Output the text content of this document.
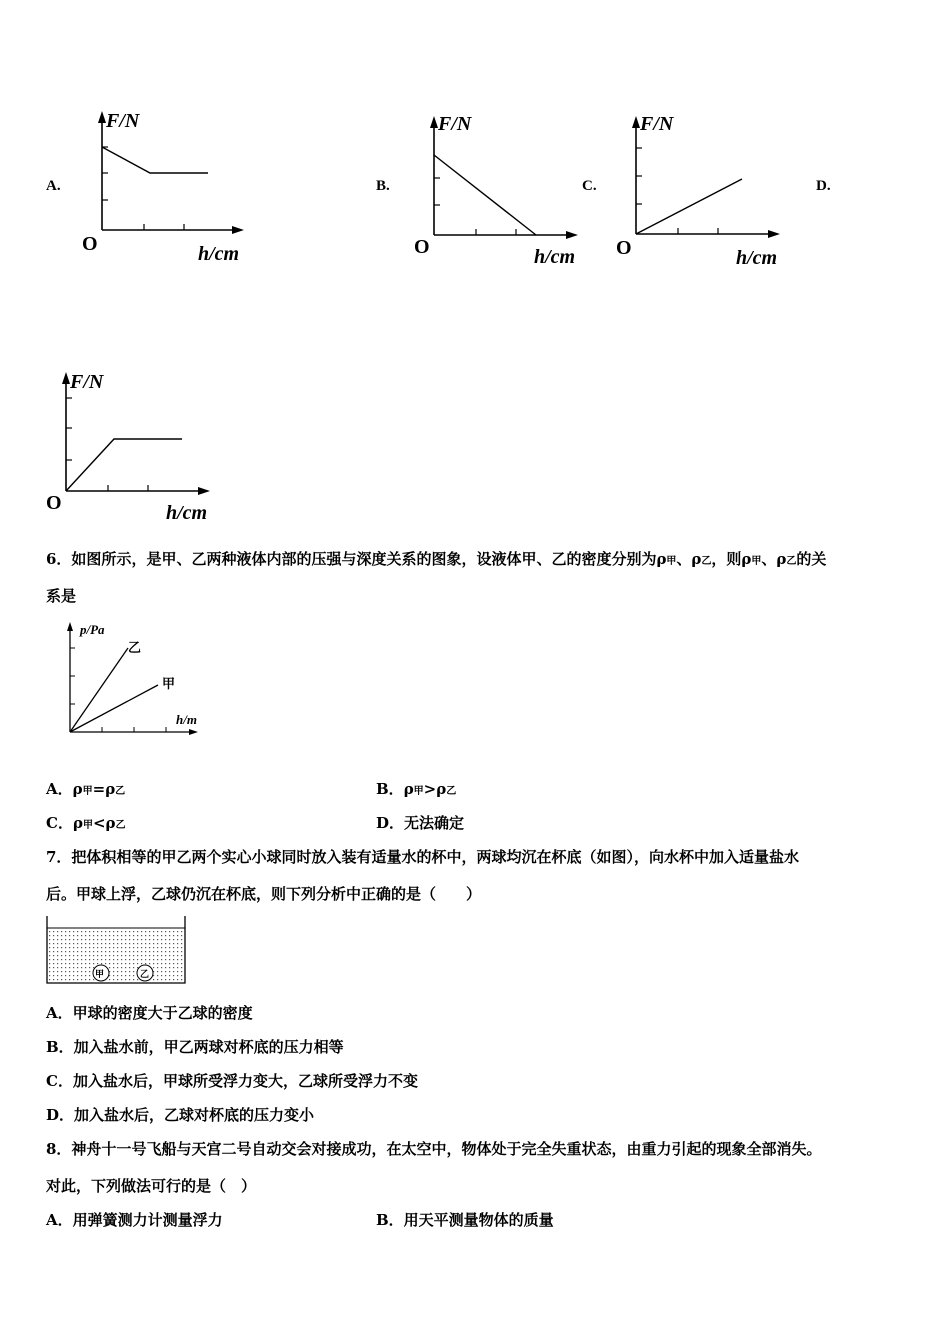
A.	B.	C.	D.
F/N
O	h/cm
F/N
O	h/cm
F/N
O	h/cm
F/N
O	h/cm
6．如图所示，是甲、乙两种液体内部的压强与深度关系的图象，设液体甲、乙的密度分别为ρ甲、ρ乙，则ρ甲、ρ乙的关
系是
p/Pa
乙
甲
h/m
A．ρ甲=ρ乙	B．ρ甲>ρ乙
C．ρ甲<ρ乙	D．无法确定
7．把体积相等的甲乙两个实心小球同时放入装有适量水的杯中，两球均沉在杯底（如图），向水杯中加入适量盐水
后。甲球上浮，乙球仍沉在杯底，则下列分析中正确的是（　　）
甲	乙
A．甲球的密度大于乙球的密度
B．加入盐水前，甲乙两球对杯底的压力相等
C．加入盐水后，甲球所受浮力变大，乙球所受浮力不变
D．加入盐水后，乙球对杯底的压力变小
8．神舟十一号飞船与天宫二号自动交会对接成功，在太空中，物体处于完全失重状态，由重力引起的现象全部消失。
对此，下列做法可行的是（　）
A．用弹簧测力计测量浮力	B．用天平测量物体的质量
